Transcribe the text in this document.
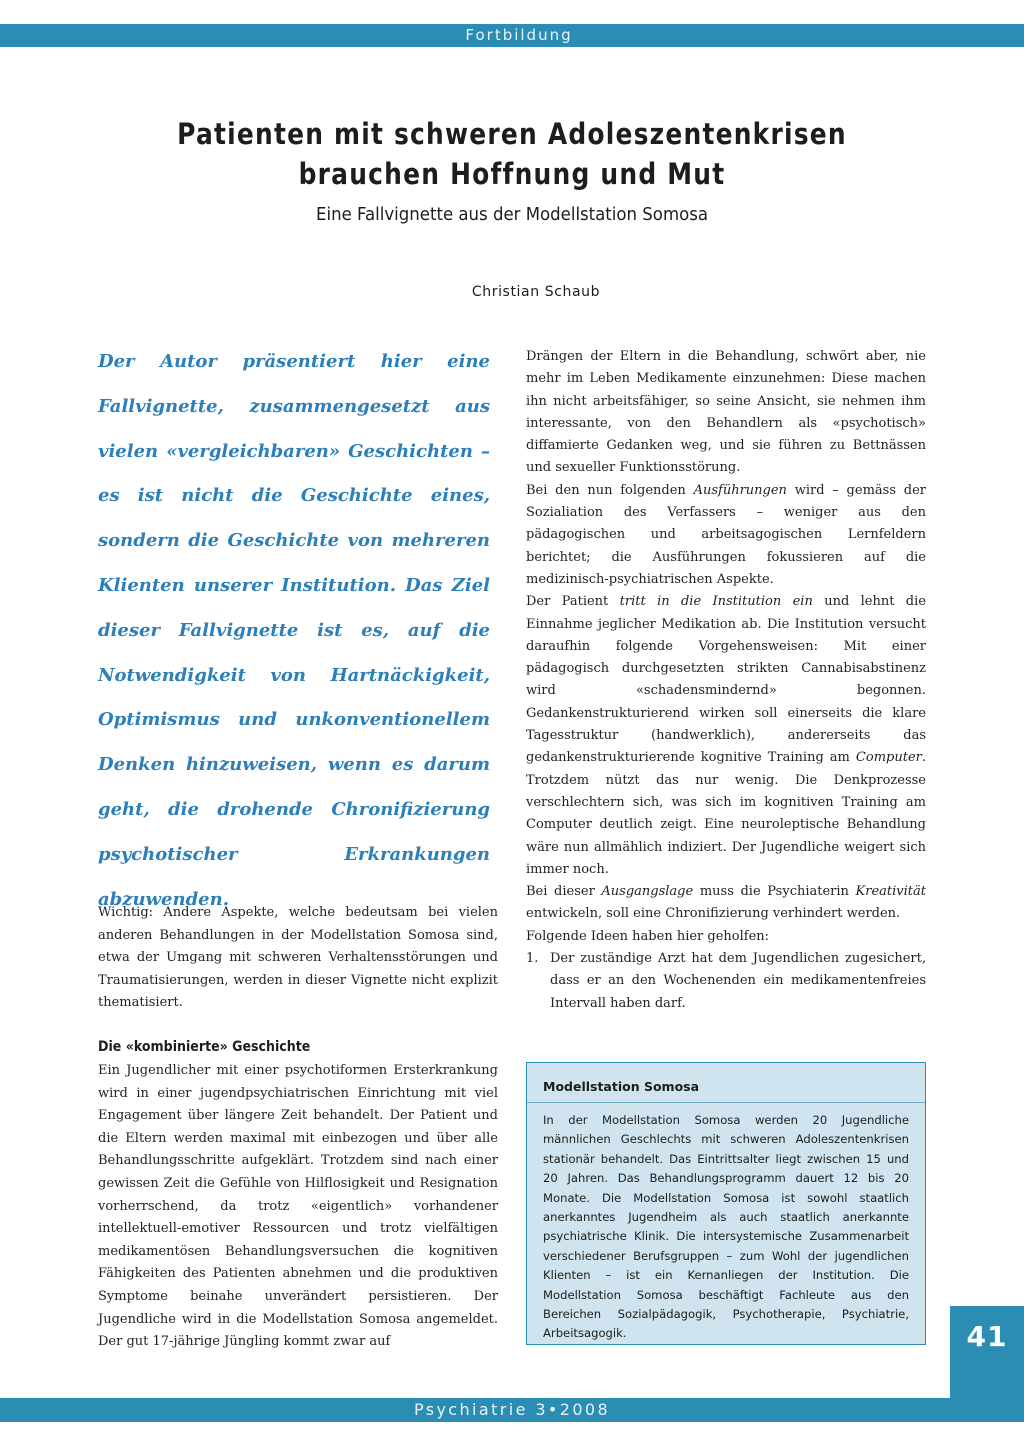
Fortbildung
Patienten mit schweren Adoleszentenkrisen brauchen Hoffnung und Mut
Eine Fallvignette aus der Modellstation Somosa
Christian Schaub

Der Autor präsentiert hier eine Fallvignette, zusammengesetzt aus vielen «vergleichbaren» Geschichten – es ist nicht die Geschichte eines, sondern die Geschichte von mehreren Klienten unserer Institution. Das Ziel dieser Fallvignette ist es, auf die Notwendigkeit von Hartnäckigkeit, Optimismus und unkonventionellem Denken hinzuweisen, wenn es darum geht, die drohende Chronifizierung psychotischer Erkrankungen abzuwenden.

Wichtig: Andere Aspekte, welche bedeutsam bei vielen anderen Behandlungen in der Modellstation Somosa sind, etwa der Umgang mit schweren Verhaltensstörungen und Traumatisierungen, werden in dieser Vignette nicht explizit thematisiert.

Die «kombinierte» Geschichte

Ein Jugendlicher mit einer psychotiformen Ersterkrankung wird in einer jugendpsychiatrischen Einrichtung mit viel Engagement über längere Zeit behandelt. Der Patient und die Eltern werden maximal mit einbezogen und über alle Behandlungsschritte aufgeklärt. Trotzdem sind nach einer gewissen Zeit die Gefühle von Hilflosigkeit und Resignation vorherrschend, da trotz «eigentlich» vorhandener intellektuell-emotiver Ressourcen und trotz vielfältigen medikamentösen Behandlungsversuchen die kognitiven Fähigkeiten des Patienten abnehmen und die produktiven Symptome beinahe unverändert persistieren. Der Jugendliche wird in die Modellstation Somosa angemeldet. Der gut 17-jährige Jüngling kommt zwar auf

Drängen der Eltern in die Behandlung, schwört aber, nie mehr im Leben Medikamente einzunehmen: Diese machen ihn nicht arbeitsfähiger, so seine Ansicht, sie nehmen ihm interessante, von den Behandlern als «psychotisch» diffamierte Gedanken weg, und sie führen zu Bettnässen und sexueller Funktionsstörung.

Bei den nun folgenden Ausführungen wird – gemäss der Sozialiation des Verfassers – weniger aus den pädagogischen und arbeitsagogischen Lernfeldern berichtet; die Ausführungen fokussieren auf die medizinisch-psychiatrischen Aspekte.

Der Patient tritt in die Institution ein und lehnt die Einnahme jeglicher Medikation ab. Die Institution versucht daraufhin folgende Vorgehensweisen: Mit einer pädagogisch durchgesetzten strikten Cannabisabstinenz wird «schadensmindernd» begonnen. Gedankenstrukturierend wirken soll einerseits die klare Tagesstruktur (handwerklich), andererseits das gedankenstrukturierende kognitive Training am Computer. Trotzdem nützt das nur wenig. Die Denkprozesse verschlechtern sich, was sich im kognitiven Training am Computer deutlich zeigt. Eine neuroleptische Behandlung wäre nun allmählich indiziert. Der Jugendliche weigert sich immer noch.

Bei dieser Ausgangslage muss die Psychiaterin Kreativität entwickeln, soll eine Chronifizierung verhindert werden.

Folgende Ideen haben hier geholfen:

1. Der zuständige Arzt hat dem Jugendlichen zugesichert, dass er an den Wochenenden ein medikamentenfreies Intervall haben darf.
Modellstation Somosa
In der Modellstation Somosa werden 20 Jugendliche männlichen Geschlechts mit schweren Adoleszentenkrisen stationär behandelt. Das Eintrittsalter liegt zwischen 15 und 20 Jahren. Das Behandlungsprogramm dauert 12 bis 20 Monate. Die Modellstation Somosa ist sowohl staatlich anerkanntes Jugendheim als auch staatlich anerkannte psychiatrische Klinik. Die intersystemische Zusammenarbeit verschiedener Berufsgruppen – zum Wohl der jugendlichen Klienten – ist ein Kernanliegen der Institution. Die Modellstation Somosa beschäftigt Fachleute aus den Bereichen Sozialpädagogik, Psychotherapie, Psychiatrie, Arbeitsagogik.	41
Psychiatrie 3•2008
